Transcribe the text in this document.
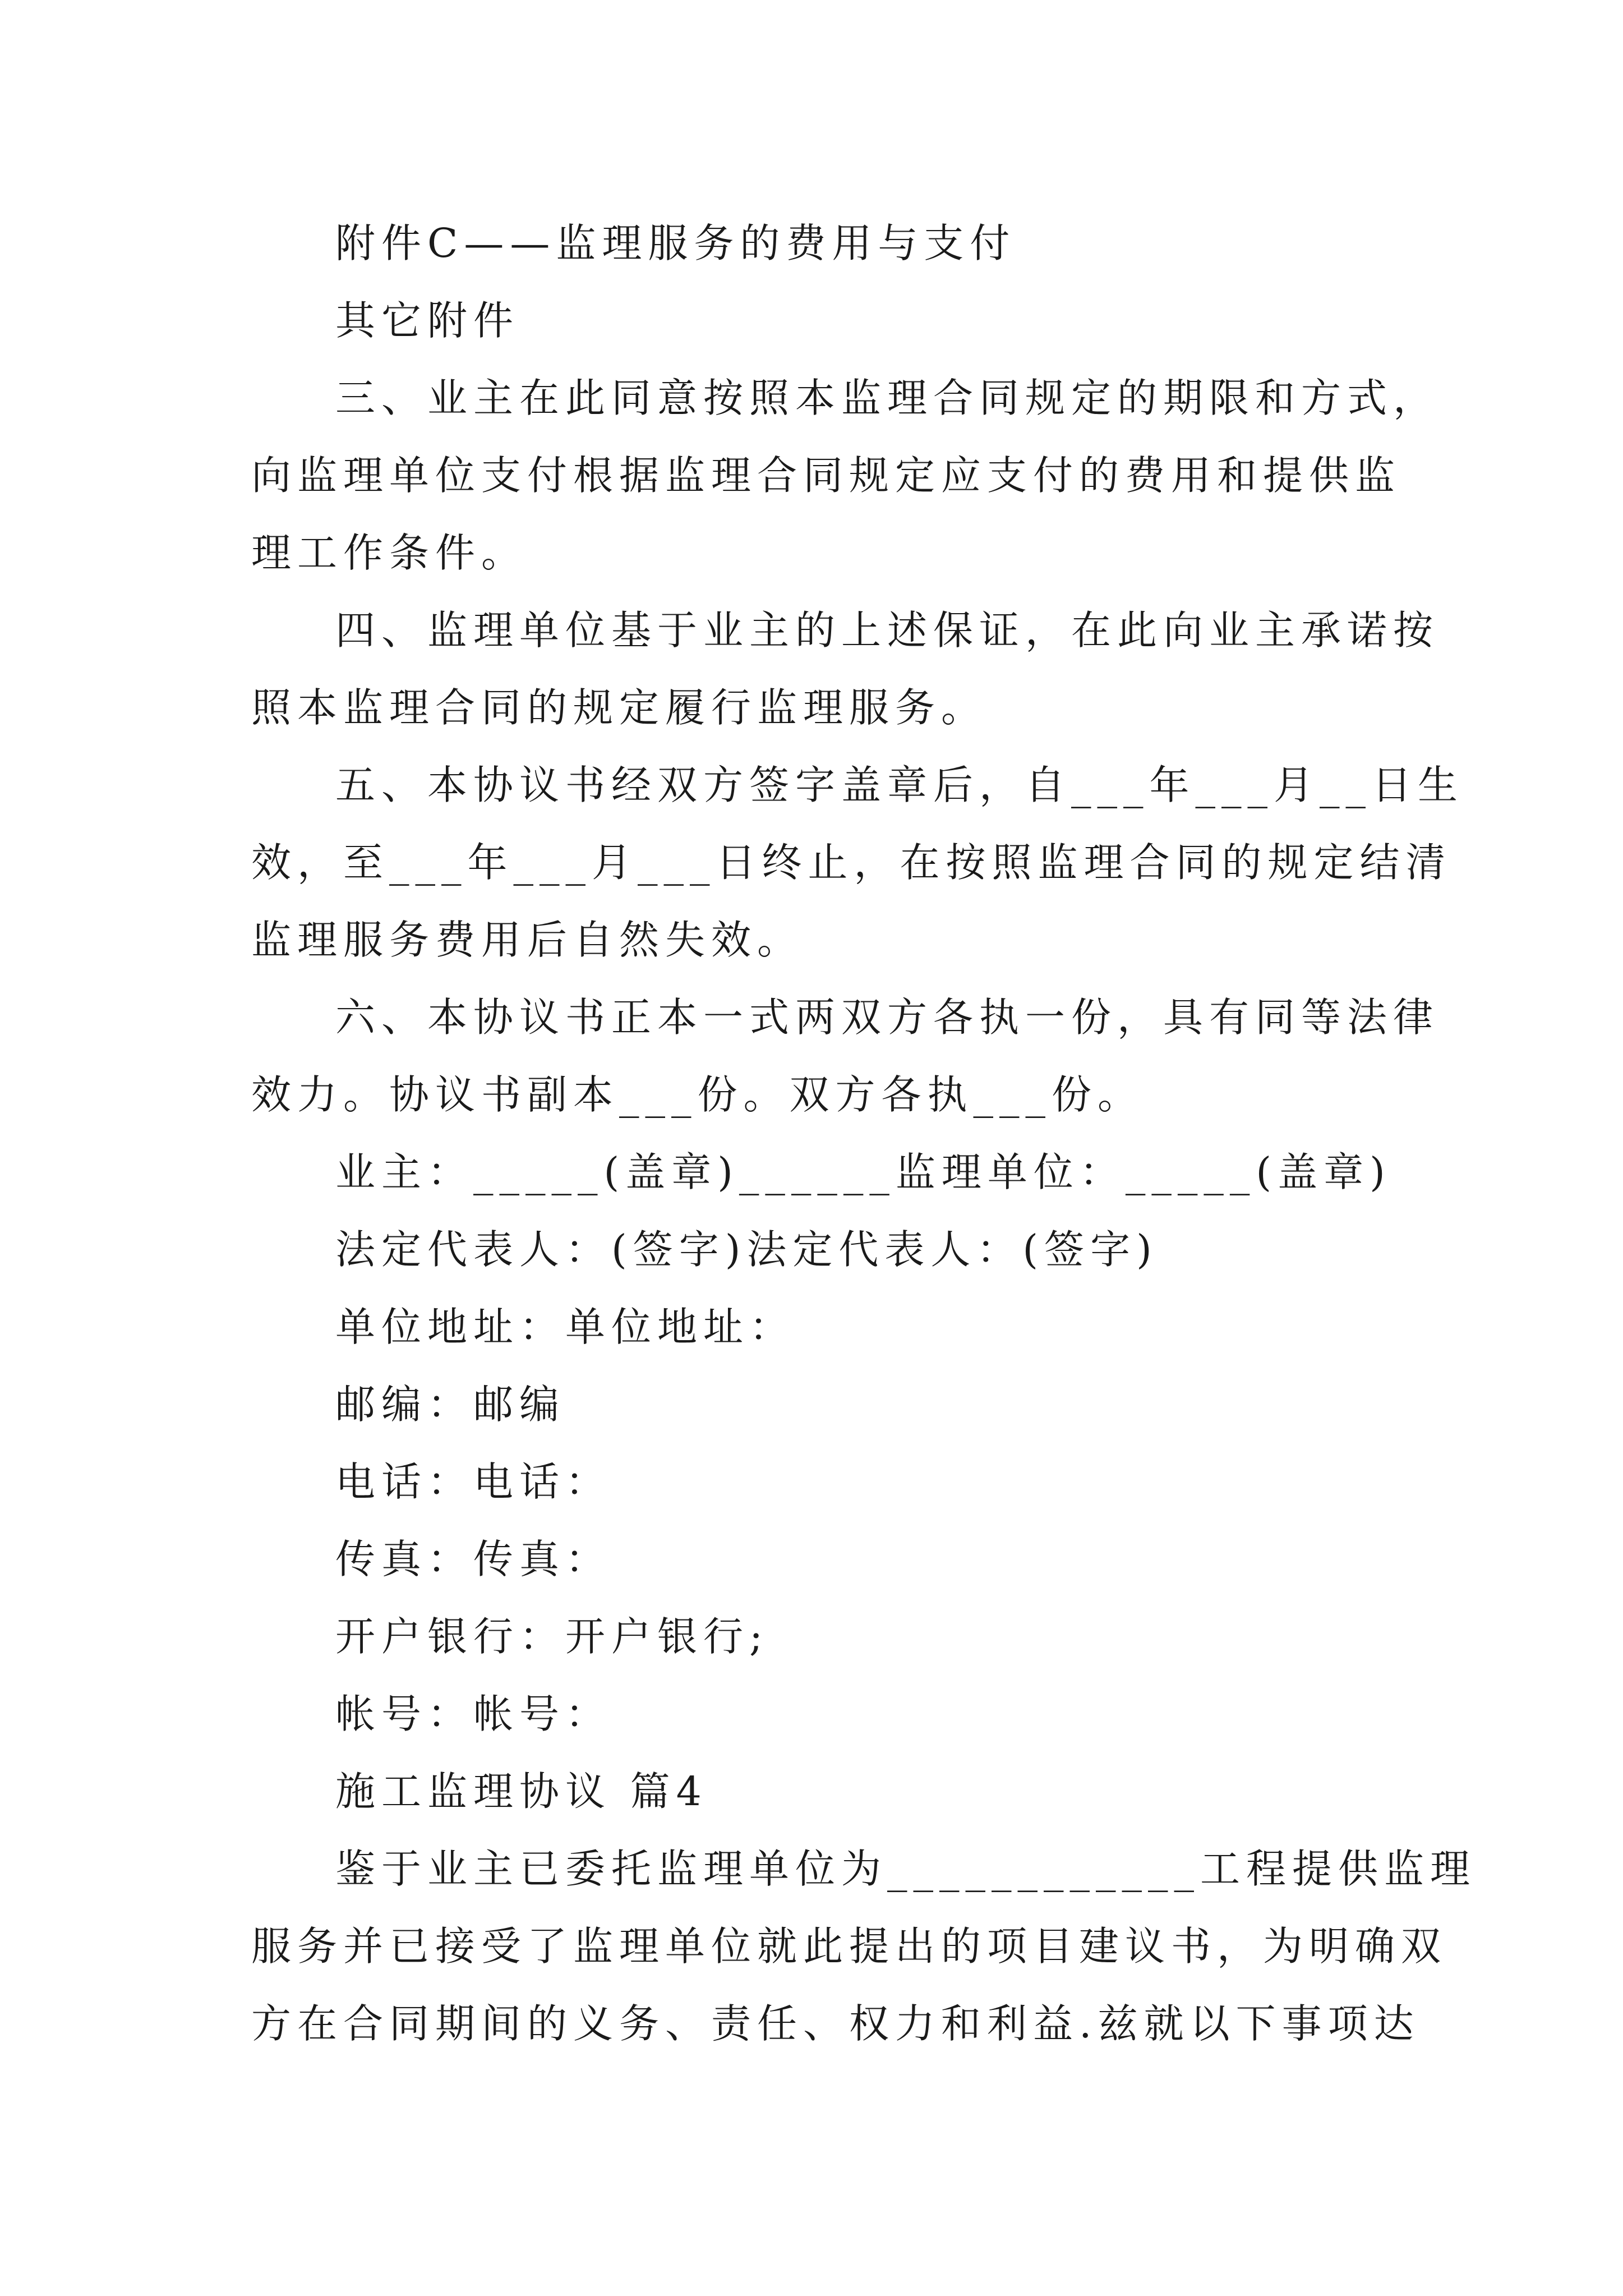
附件C——监理服务的费用与支付
其它附件
三、业主在此同意按照本监理合同规定的期限和方式，
向监理单位支付根据监理合同规定应支付的费用和提供监
理工作条件。
四、监理单位基于业主的上述保证，在此向业主承诺按
照本监理合同的规定履行监理服务。
五、本协议书经双方签字盖章后，自___年___月__日生
效，至___年___月___日终止，在按照监理合同的规定结清
监理服务费用后自然失效。
六、本协议书正本一式两双方各执一份，具有同等法律
效力。协议书副本___份。双方各执___份。
业主：_____(盖章)______监理单位：_____(盖章)
法定代表人：(签字)法定代表人：(签字)
单位地址：单位地址：
邮编：邮编
电话：电话：
传真：传真：
开户银行：开户银行;
帐号：帐号：
施工监理协议 篇4
鉴于业主已委托监理单位为____________工程提供监理
服务并已接受了监理单位就此提出的项目建议书，为明确双
方在合同期间的义务、责任、权力和利益.兹就以下事项达
